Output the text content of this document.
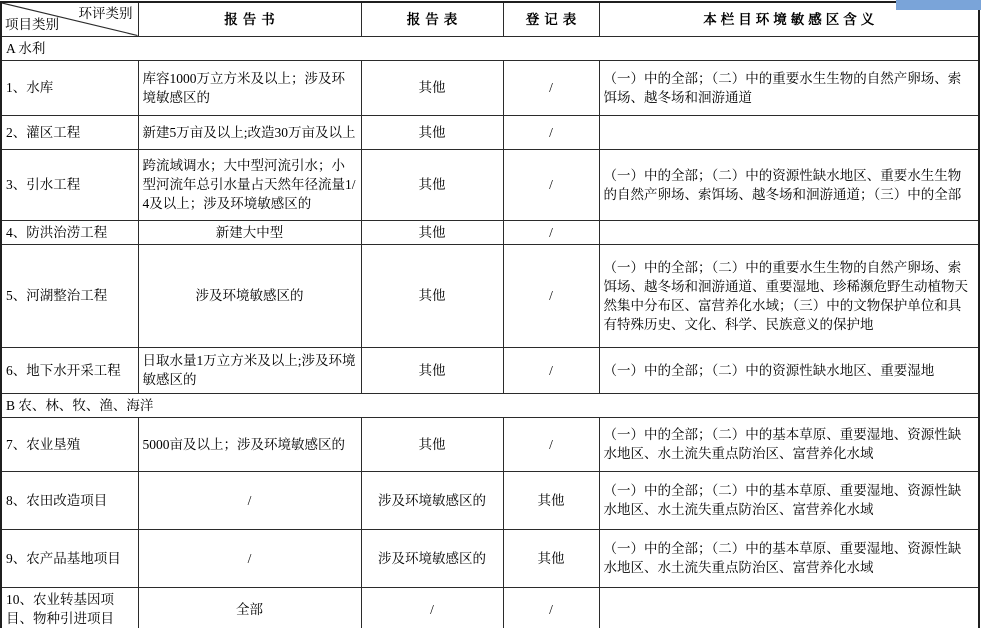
环评类别
项目类别	报告书	报告表	登记表	本栏目环境敏感区含义
A 水利				
1、水库	库容1000万立方米及以上；涉及环境敏感区的	其他	/	（一）中的全部；（二）中的重要水生生物的自然产卵场、索饵场、越冬场和洄游通道
2、灌区工程	新建5万亩及以上;改造30万亩及以上	其他	/	
3、引水工程	跨流域调水；大中型河流引水；小型河流年总引水量占天然年径流量1/4及以上；涉及环境敏感区的	其他	/	（一）中的全部；（二）中的资源性缺水地区、重要水生生物的自然产卵场、索饵场、越冬场和洄游通道；（三）中的全部
4、防洪治涝工程	新建大中型	其他	/	
5、河湖整治工程	涉及环境敏感区的	其他	/	（一）中的全部；（二）中的重要水生生物的自然产卵场、索饵场、越冬场和洄游通道、重要湿地、珍稀濒危野生动植物天然集中分布区、富营养化水域；（三）中的文物保护单位和具有特殊历史、文化、科学、民族意义的保护地
6、地下水开采工程	日取水量1万立方米及以上;涉及环境敏感区的	其他	/	（一）中的全部；（二）中的资源性缺水地区、重要湿地
B 农、林、牧、渔、海洋				
7、农业垦殖	5000亩及以上；涉及环境敏感区的	其他	/	（一）中的全部；（二）中的基本草原、重要湿地、资源性缺水地区、水土流失重点防治区、富营养化水域
8、农田改造项目	/	涉及环境敏感区的	其他	（一）中的全部；（二）中的基本草原、重要湿地、资源性缺水地区、水土流失重点防治区、富营养化水域
9、农产品基地项目	/	涉及环境敏感区的	其他	（一）中的全部；（二）中的基本草原、重要湿地、资源性缺水地区、水土流失重点防治区、富营养化水域
10、农业转基因项目、物种引进项目	全部	/	/	
